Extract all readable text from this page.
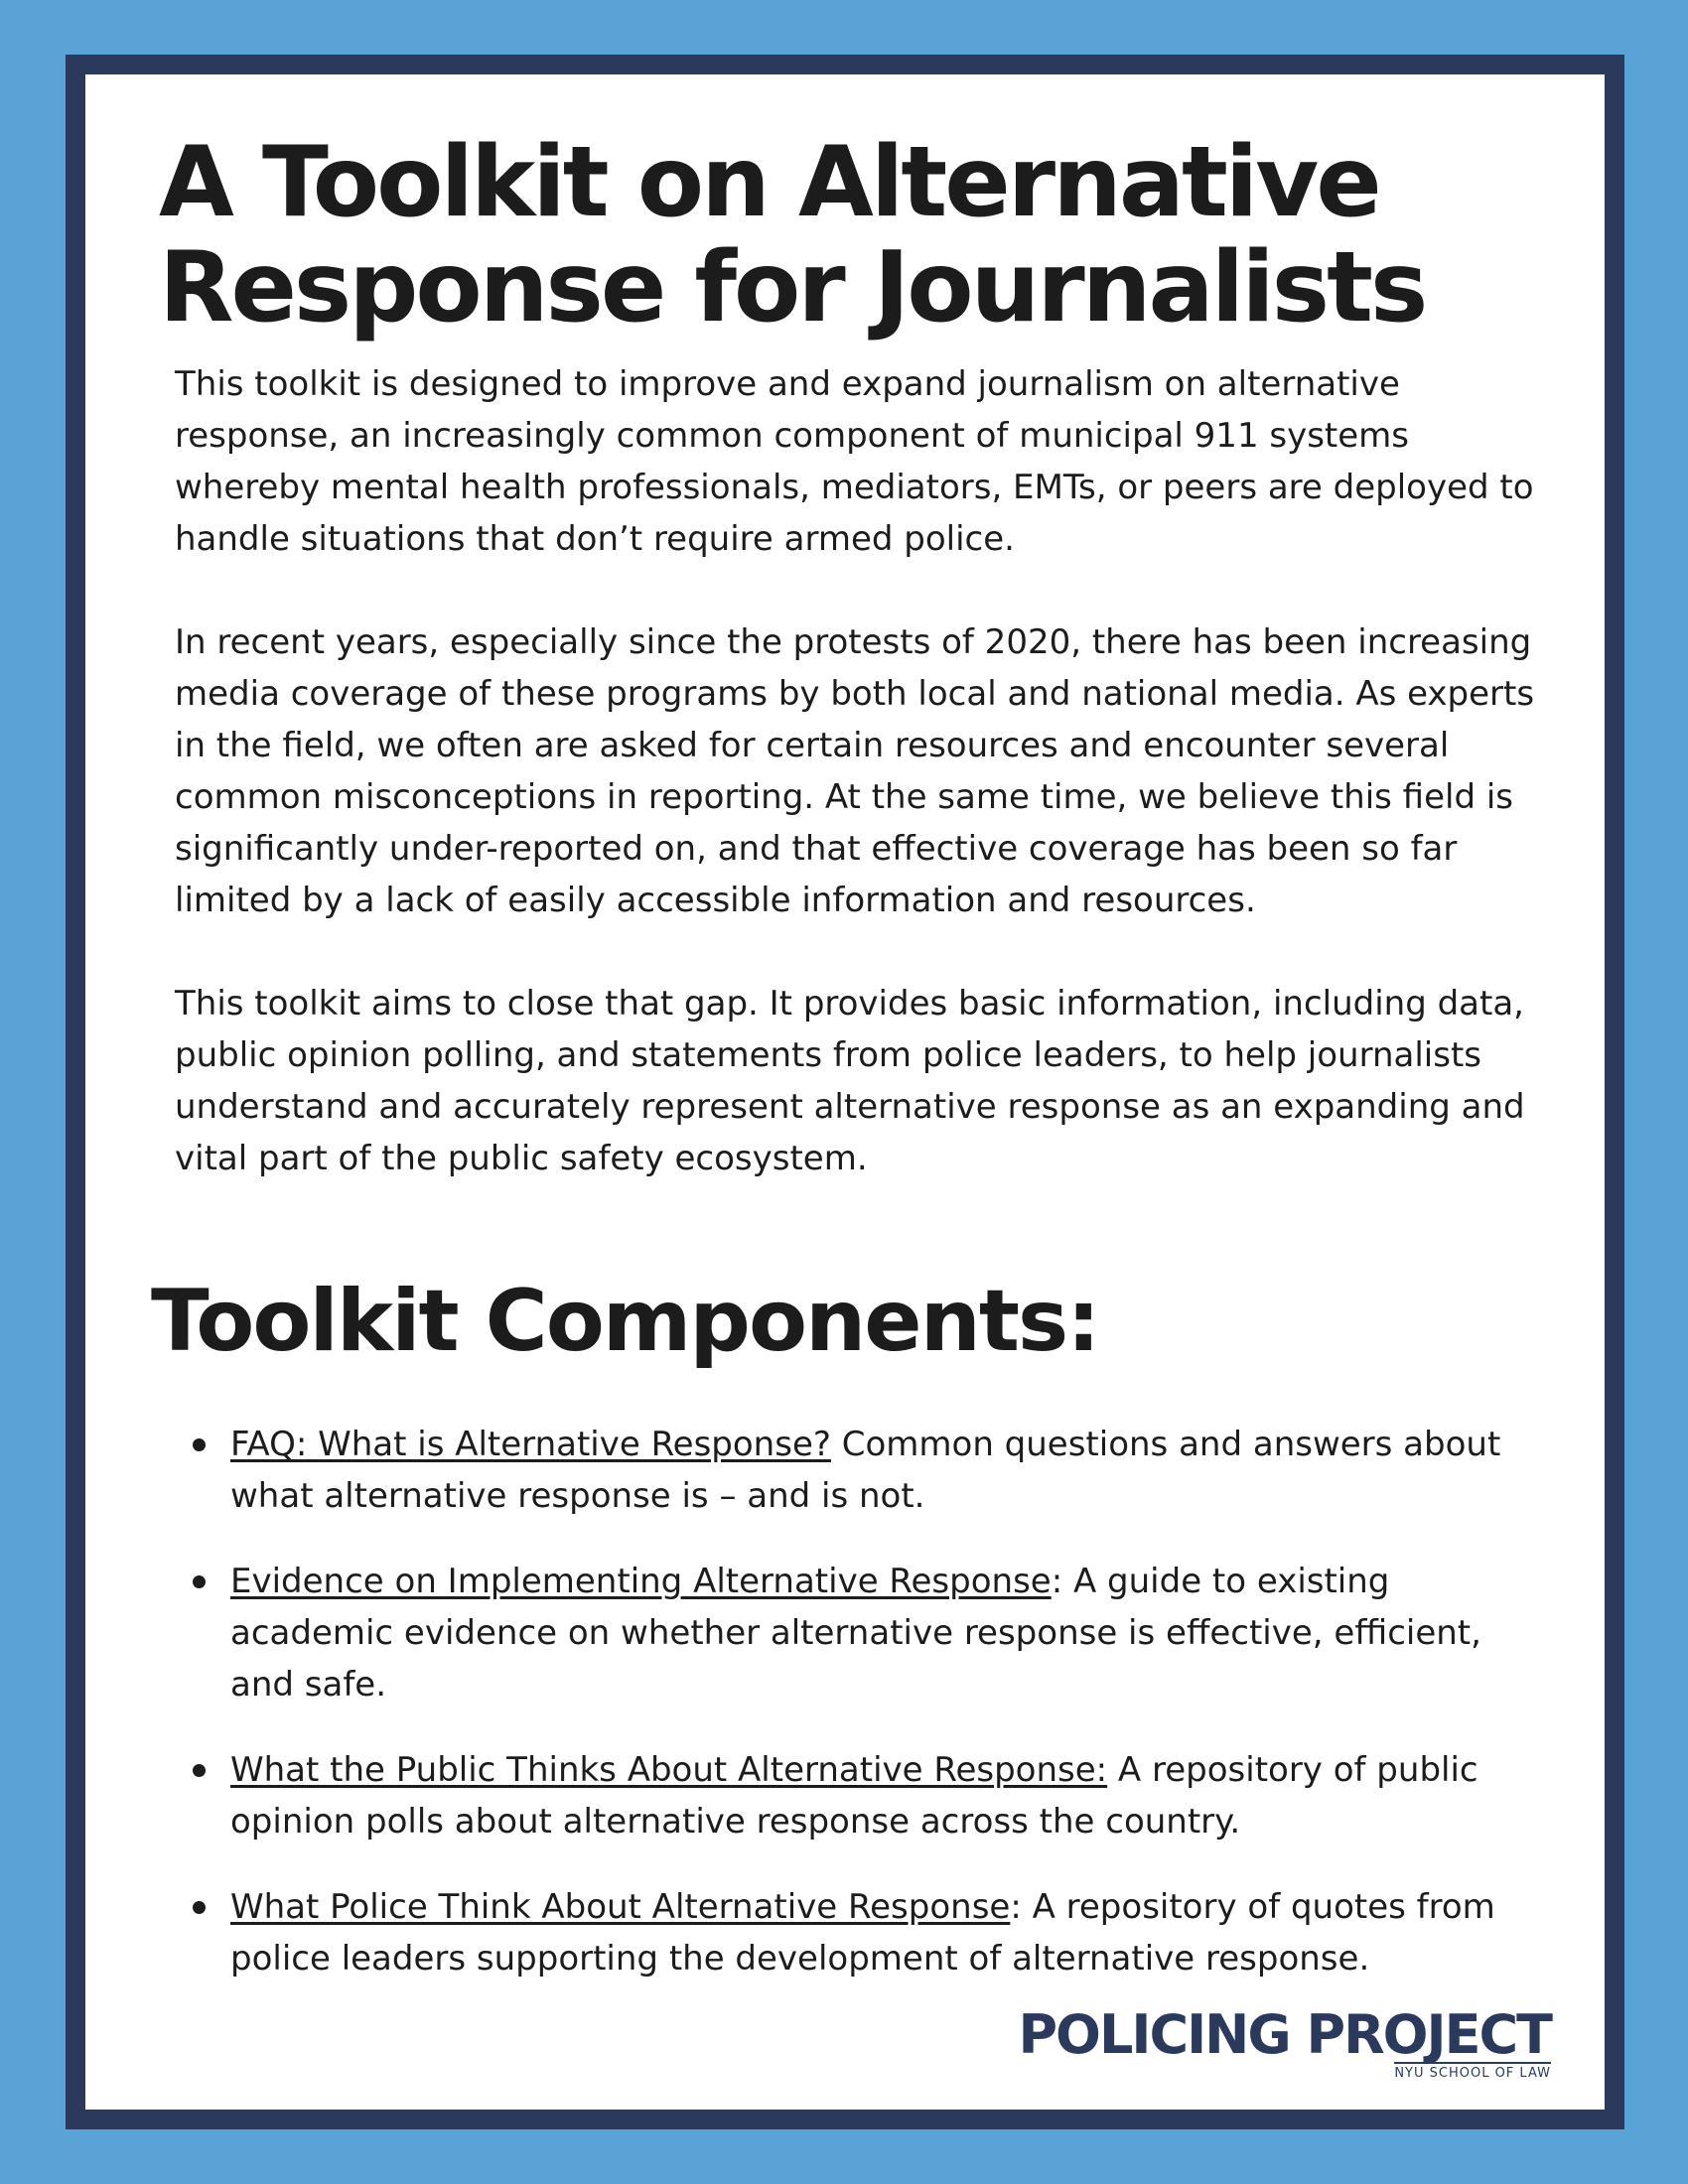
A Toolkit on Alternative
Response for Journalists

This toolkit is designed to improve and expand journalism on alternative response, an increasingly common component of municipal 911 systems whereby mental health professionals, mediators, EMTs, or peers are deployed to handle situations that don’t require armed police.

In recent years, especially since the protests of 2020, there has been increasing media coverage of these programs by both local and national media. As experts in the field, we often are asked for certain resources and encounter several common misconceptions in reporting. At the same time, we believe this field is significantly under-reported on, and that effective coverage has been so far limited by a lack of easily accessible information and resources.

This toolkit aims to close that gap. It provides basic information, including data, public opinion polling, and statements from police leaders, to help journalists understand and accurately represent alternative response as an expanding and vital part of the public safety ecosystem.

Toolkit Components:
FAQ: What is Alternative Response? Common questions and answers about what alternative response is – and is not.
Evidence on Implementing Alternative Response: A guide to existing academic evidence on whether alternative response is effective, efficient, and safe.
What the Public Thinks About Alternative Response: A repository of public opinion polls about alternative response across the country.
What Police Think About Alternative Response: A repository of quotes from police leaders supporting the development of alternative response.
POLICING PROJECT
NYU SCHOOL OF LAW
